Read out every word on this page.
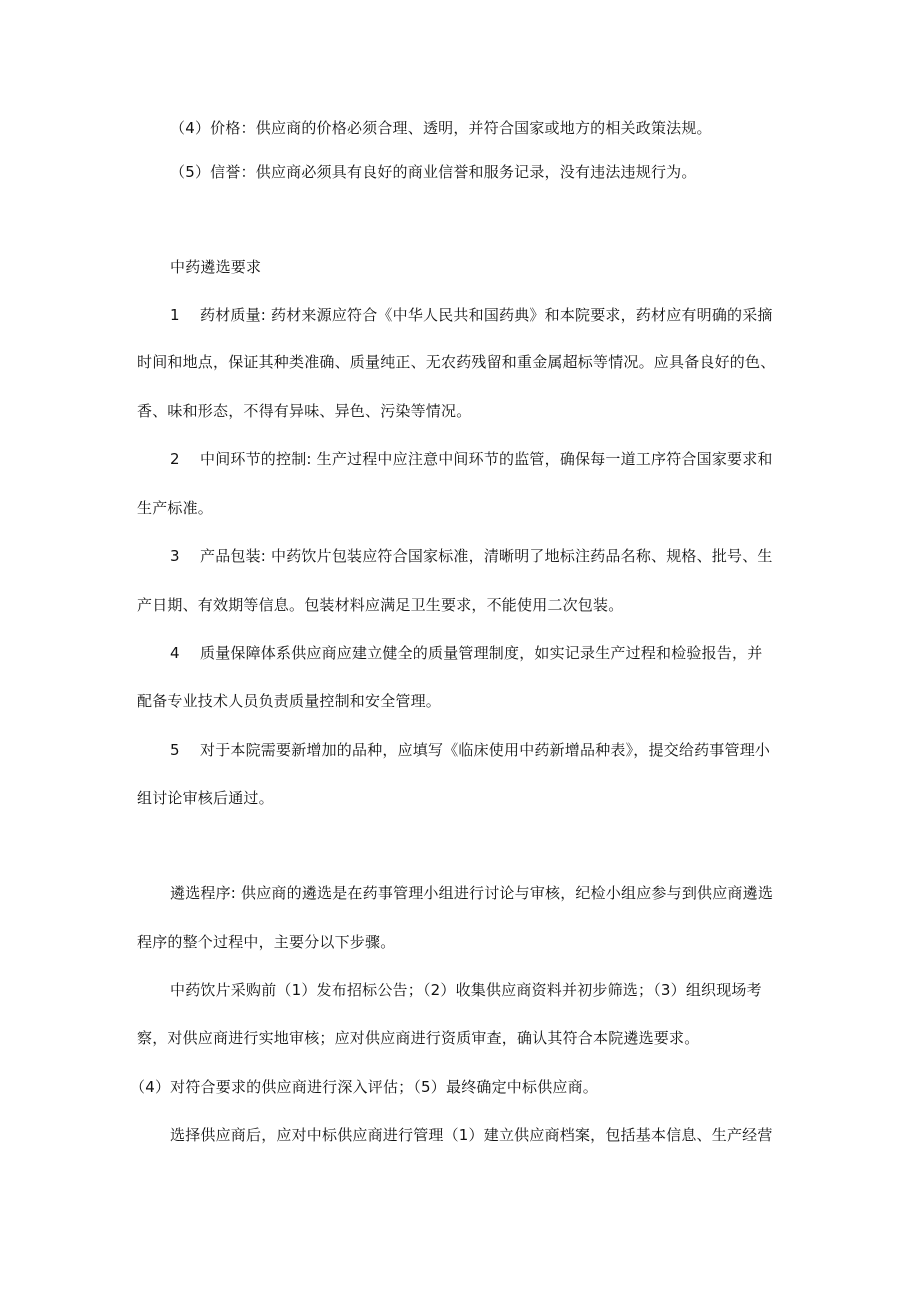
（4）价格：供应商的价格必须合理、透明，并符合国家或地方的相关政策法规。
（5）信誉：供应商必须具有良好的商业信誉和服务记录，没有违法违规行为。
中药遴选要求
1 药材质量: 药材来源应符合《中华人民共和国药典》和本院要求，药材应有明确的采摘
时间和地点，保证其种类准确、质量纯正、无农药残留和重金属超标等情况。应具备良好的色、
香、味和形态，不得有异味、异色、污染等情况。
2 中间环节的控制: 生产过程中应注意中间环节的监管，确保每一道工序符合国家要求和
生产标准。
3 产品包装: 中药饮片包装应符合国家标准，清晰明了地标注药品名称、规格、批号、生
产日期、有效期等信息。包装材料应满足卫生要求，不能使用二次包装。
4 质量保障体系供应商应建立健全的质量管理制度，如实记录生产过程和检验报告，并
配备专业技术人员负责质量控制和安全管理。
5 对于本院需要新增加的品种，应填写《临床使用中药新增品种表》，提交给药事管理小
组讨论审核后通过。
遴选程序: 供应商的遴选是在药事管理小组进行讨论与审核，纪检小组应参与到供应商遴选
程序的整个过程中，主要分以下步骤。
中药饮片采购前（1）发布招标公告；（2）收集供应商资料并初步筛选；（3）组织现场考
察，对供应商进行实地审核；应对供应商进行资质审查，确认其符合本院遴选要求。
（4）对符合要求的供应商进行深入评估；（5）最终确定中标供应商。
选择供应商后，应对中标供应商进行管理（1）建立供应商档案，包括基本信息、生产经营
